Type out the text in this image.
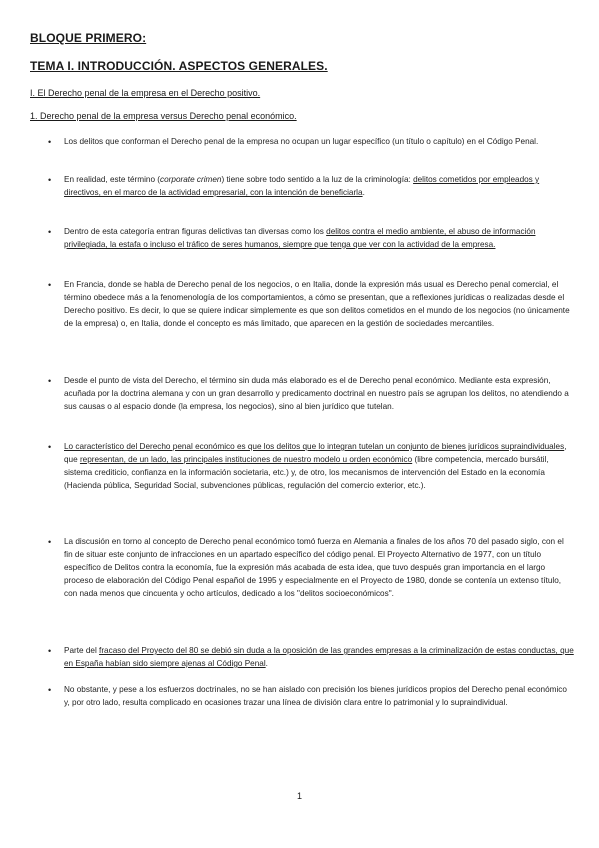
BLOQUE PRIMERO:
TEMA I. INTRODUCCIÓN. ASPECTOS GENERALES.
I. El Derecho penal de la empresa en el Derecho positivo.
1. Derecho penal de la empresa versus Derecho penal económico.
• Los delitos que conforman el Derecho penal de la empresa no ocupan un lugar específico (un título o capítulo) en el Código Penal.
• En realidad, este término (corporate crimen) tiene sobre todo sentido a la luz de la criminología: delitos cometidos por empleados y directivos, en el marco de la actividad empresarial, con la intención de beneficiarla.
• Dentro de esta categoría entran figuras delictivas tan diversas como los delitos contra el medio ambiente, el abuso de información privilegiada, la estafa o incluso el tráfico de seres humanos, siempre que tenga que ver con la actividad de la empresa.
• En Francia, donde se habla de Derecho penal de los negocios, o en Italia, donde la expresión más usual es Derecho penal comercial, el término obedece más a la fenomenología de los comportamientos, a cómo se presentan, que a reflexiones jurídicas o realizadas desde el Derecho positivo. Es decir, lo que se quiere indicar simplemente es que son delitos cometidos en el mundo de los negocios (no únicamente de la empresa) o, en Italia, donde el concepto es más limitado, que aparecen en la gestión de sociedades mercantiles.
• Desde el punto de vista del Derecho, el término sin duda más elaborado es el de Derecho penal económico. Mediante esta expresión, acuñada por la doctrina alemana y con un gran desarrollo y predicamento doctrinal en nuestro país se agrupan los delitos, no atendiendo a sus causas o al espacio donde (la empresa, los negocios), sino al bien jurídico que tutelan.
• Lo característico del Derecho penal económico es que los delitos que lo integran tutelan un conjunto de bienes jurídicos supraindividuales, que representan, de un lado, las principales instituciones de nuestro modelo u orden económico (libre competencia, mercado bursátil, sistema crediticio, confianza en la información societaria, etc.) y, de otro, los mecanismos de intervención del Estado en la economía (Hacienda pública, Seguridad Social, subvenciones públicas, regulación del comercio exterior, etc.).
• La discusión en torno al concepto de Derecho penal económico tomó fuerza en Alemania a finales de los años 70 del pasado siglo, con el fin de situar este conjunto de infracciones en un apartado específico del código penal. El Proyecto Alternativo de 1977, con un título específico de Delitos contra la economía, fue la expresión más acabada de esta idea, que tuvo después gran importancia en el largo proceso de elaboración del Código Penal español de 1995 y especialmente en el Proyecto de 1980, donde se contenía un extenso título, con nada menos que cincuenta y ocho artículos, dedicado a los "delitos socioeconómicos".
• Parte del fracaso del Proyecto del 80 se debió sin duda a la oposición de las grandes empresas a la criminalización de estas conductas, que en España habían sido siempre ajenas al Código Penal.
• No obstante, y pese a los esfuerzos doctrinales, no se han aislado con precisión los bienes jurídicos propios del Derecho penal económico y, por otro lado, resulta complicado en ocasiones trazar una línea de división clara entre lo patrimonial y lo supraindividual.
1
